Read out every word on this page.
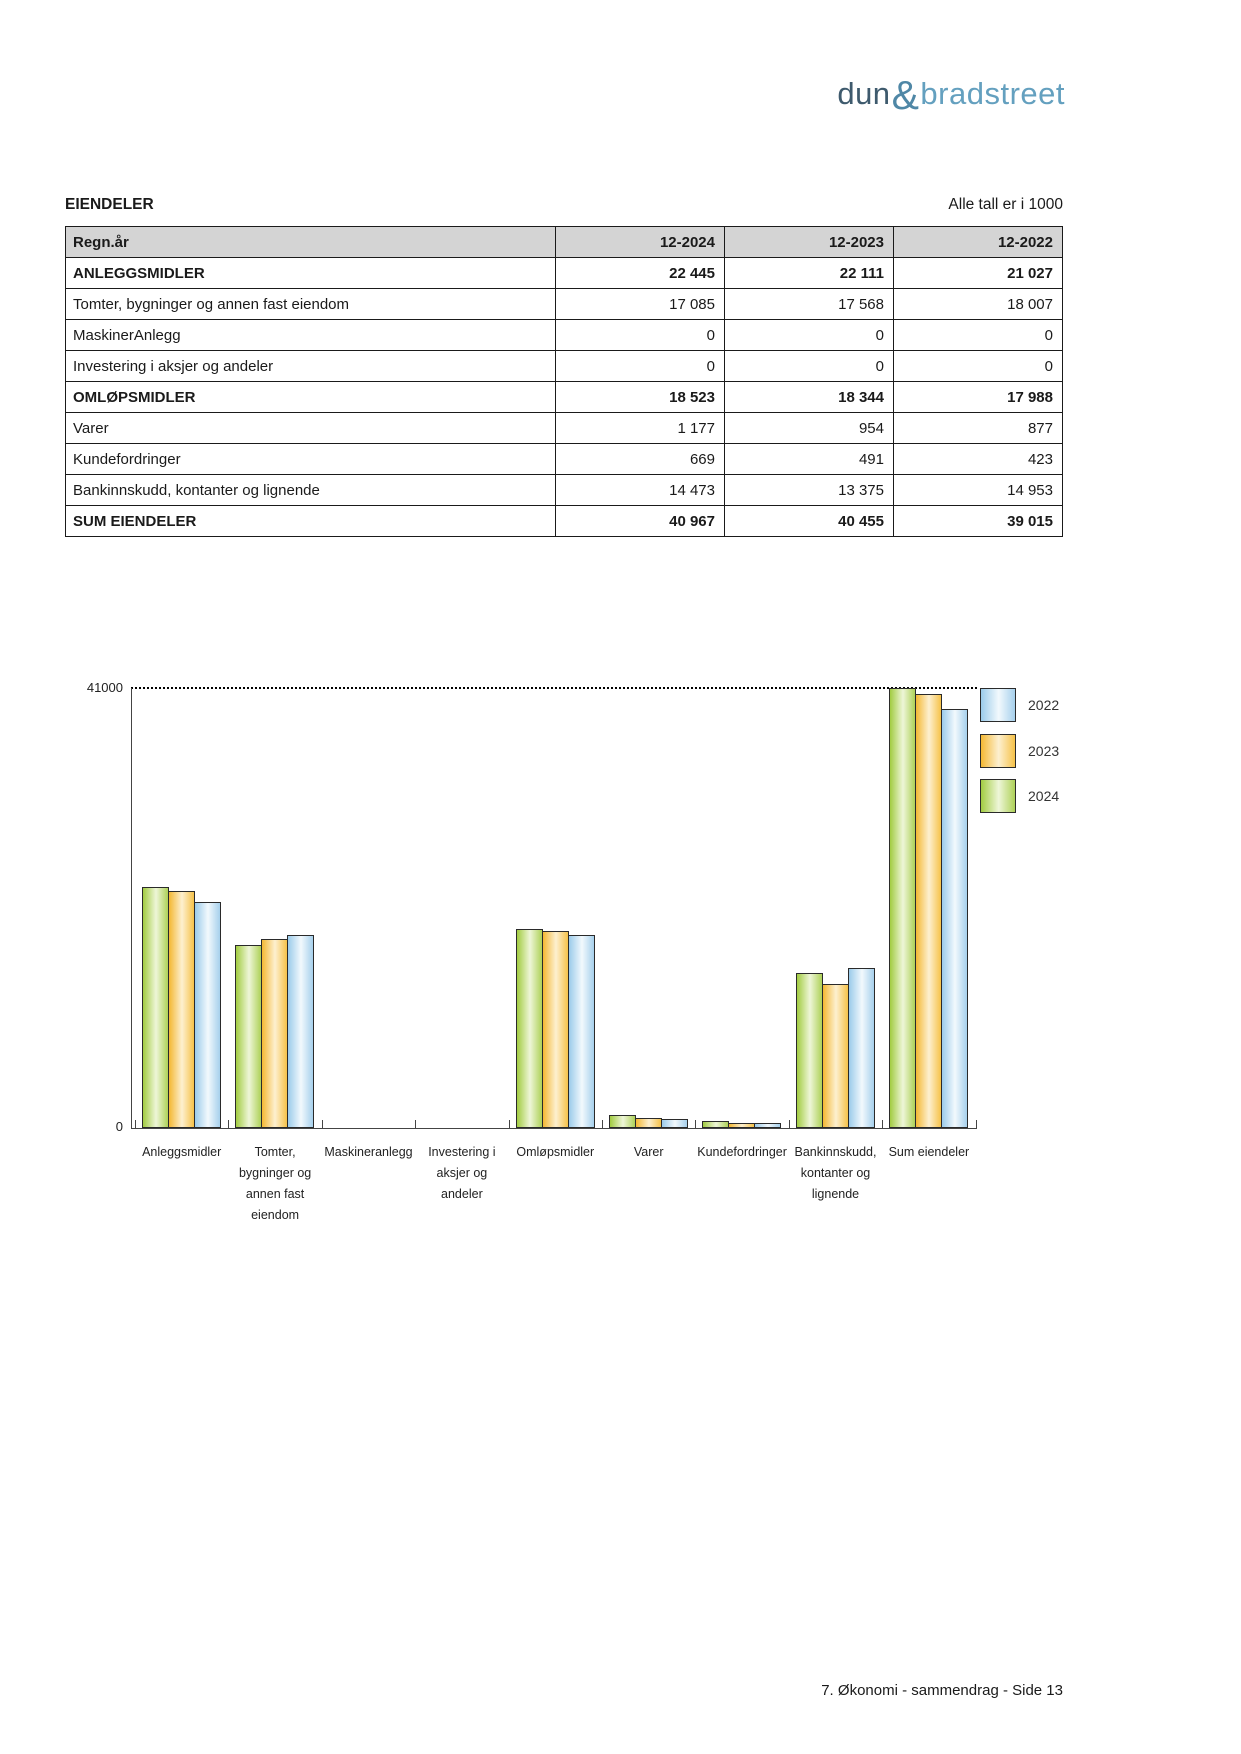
dun&bradstreet
EIENDELER	Alle tall er i 1000
Regn.år	12-2024	12-2023	12-2022
ANLEGGSMIDLER	22 445	22 111	21 027
Tomter, bygninger og annen fast eiendom	17 085	17 568	18 007
MaskinerAnlegg	0	0	0
Investering i aksjer og andeler	0	0	0
OMLØPSMIDLER	18 523	18 344	17 988
Varer	1 177	954	877
Kundefordringer	669	491	423
Bankinnskudd, kontanter og lignende	14 473	13 375	14 953
SUM EIENDELER	40 967	40 455	39 015
41000
0
Anleggsmidler	Tomter,
bygninger og
annen fast
eiendom
Maskineranlegg	Investering i
aksjer og
andeler
Omløpsmidler	Varer	Kundefordringer Bankinnskudd,
kontanter og
lignende
Sum eiendeler
2022
2023
2024
7. Økonomi - sammendrag - Side 13
